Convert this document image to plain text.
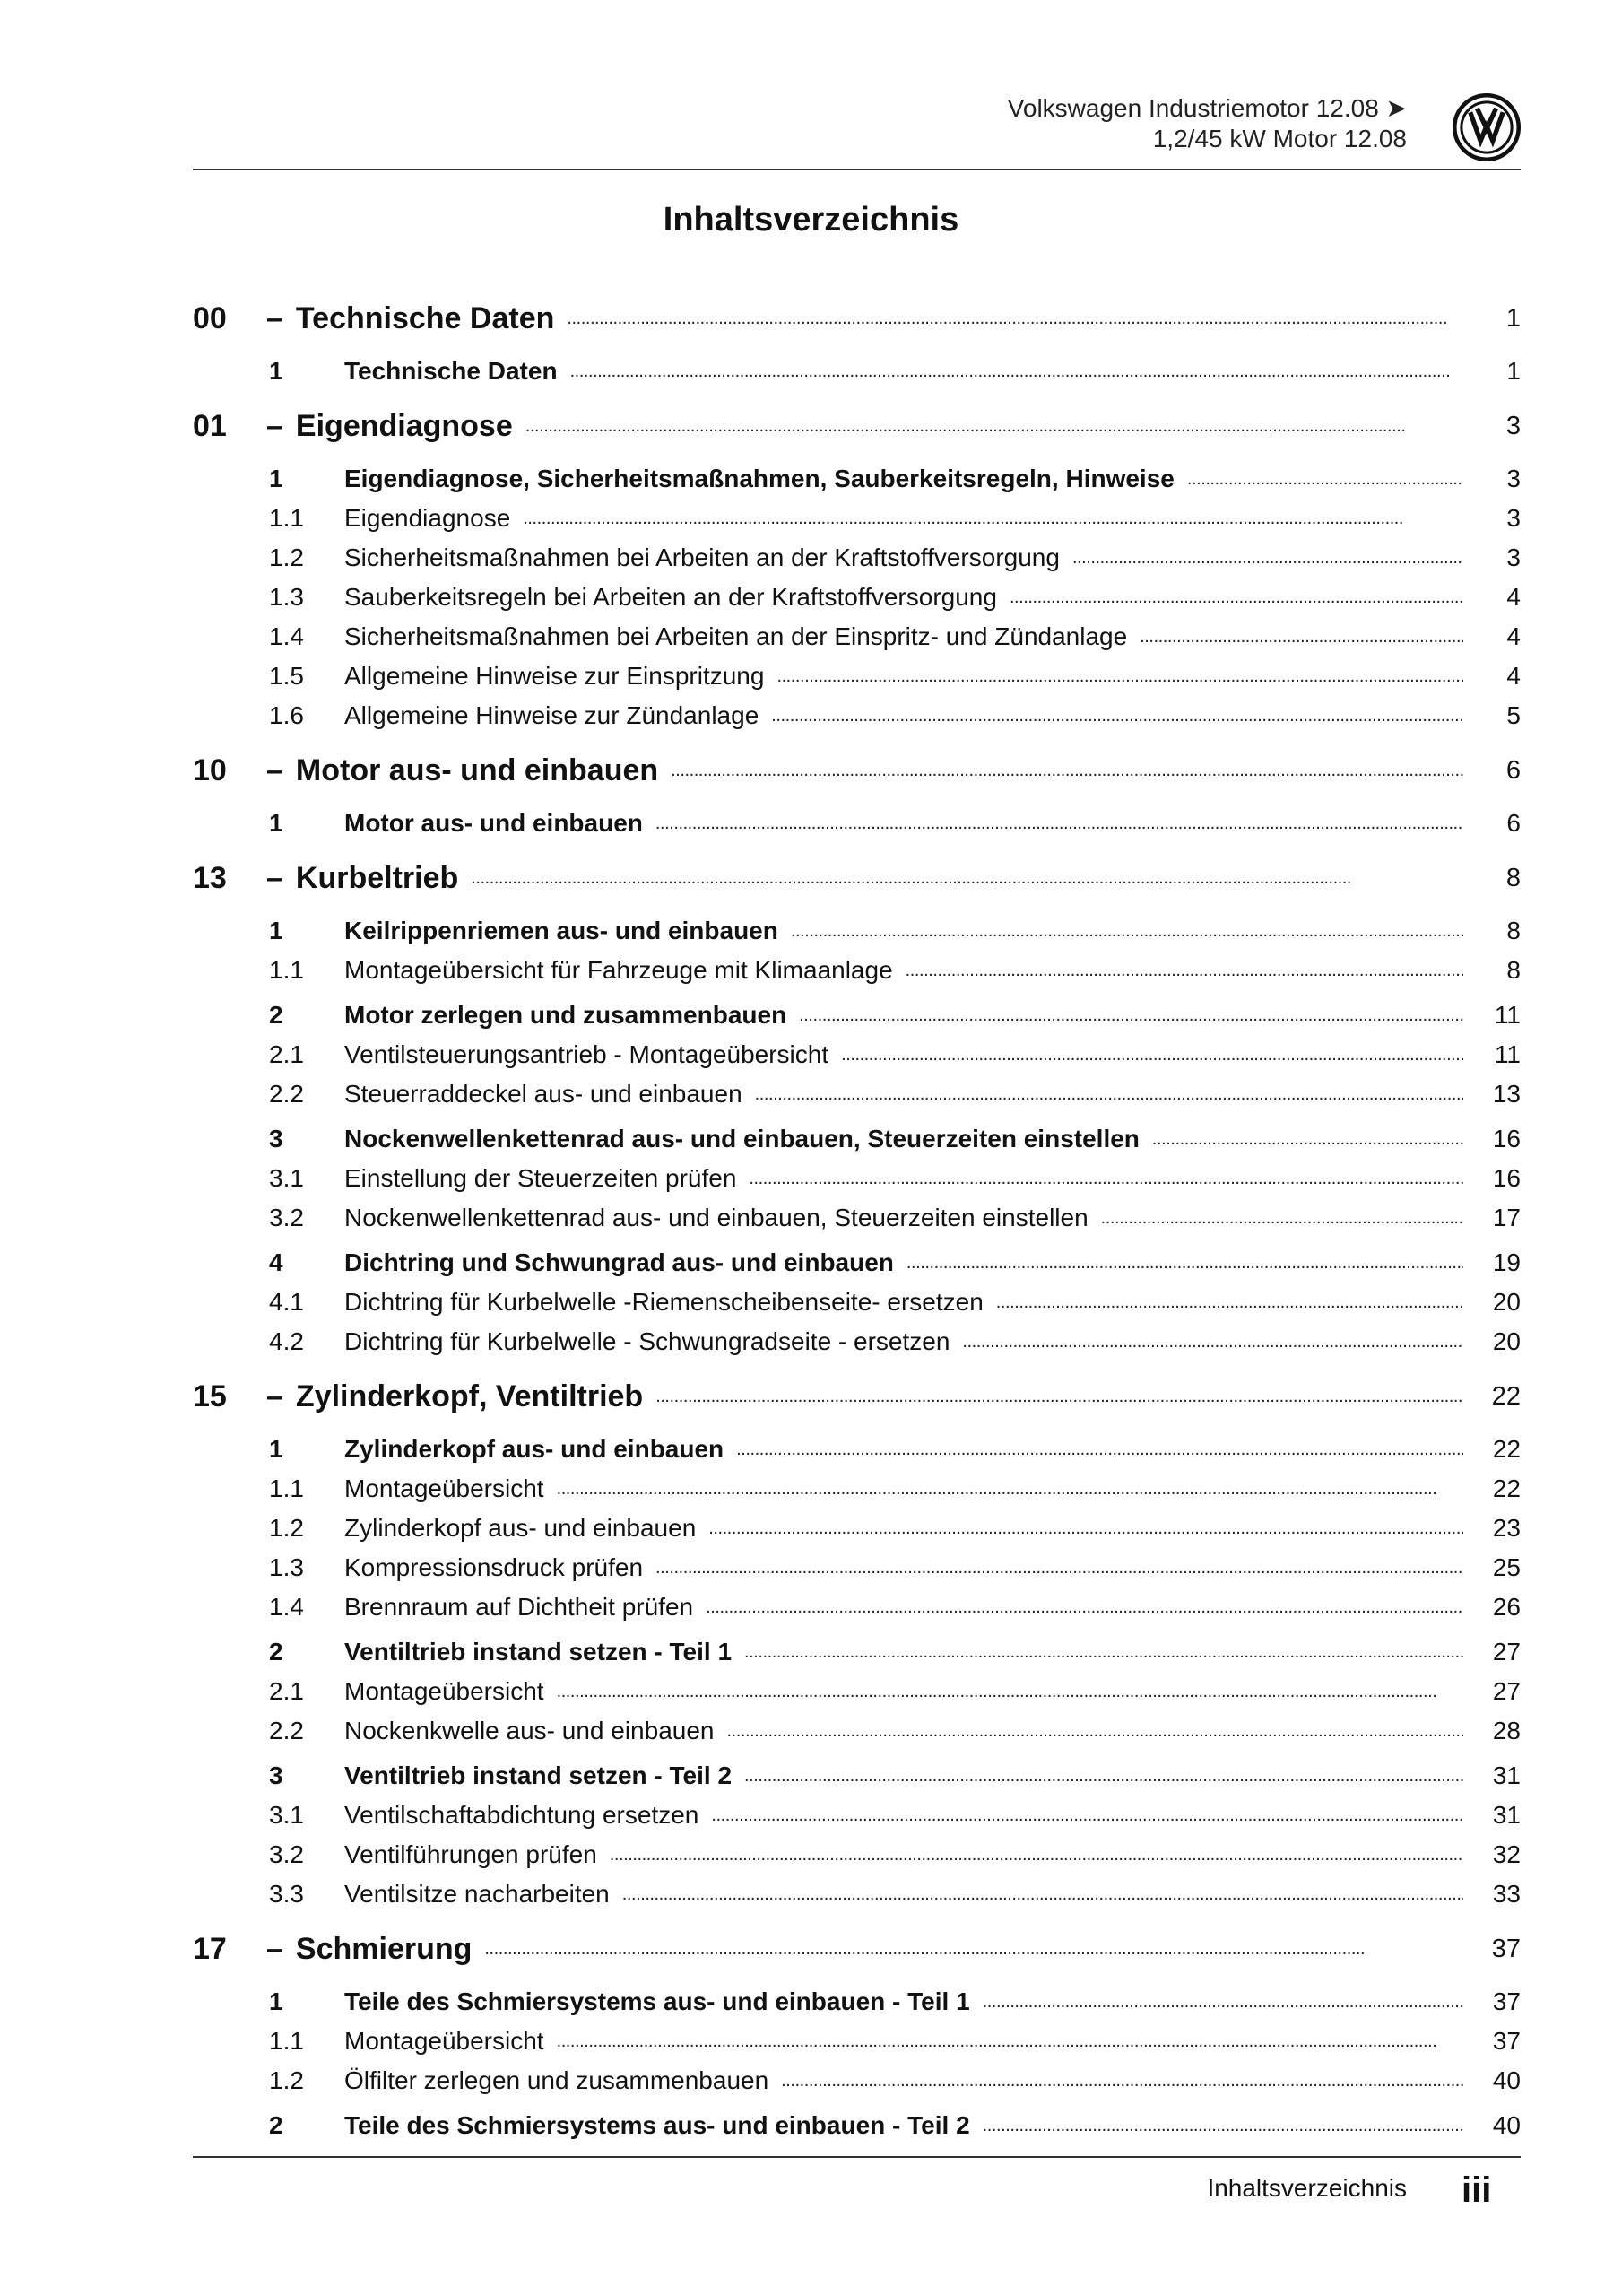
Volkswagen Industriemotor 12.08 ➤
1,2/45 kW Motor 12.08
Inhaltsverzeichnis
00	– Technische Daten . . .	1
1	Technische Daten . . .	1
01	– Eigendiagnose . . .	3
1	Eigendiagnose, Sicherheitsmaßnahmen, Sauberkeitsregeln, Hinweise . . .	3
1.1	Eigendiagnose . . .	3
1.2	Sicherheitsmaßnahmen bei Arbeiten an der Kraftstoffversorgung . . .	3
1.3	Sauberkeitsregeln bei Arbeiten an der Kraftstoffversorgung . . .	4
1.4	Sicherheitsmaßnahmen bei Arbeiten an der Einspritz- und Zündanlage . . .	4
1.5	Allgemeine Hinweise zur Einspritzung . . .	4
1.6	Allgemeine Hinweise zur Zündanlage . . .	5
10	– Motor aus- und einbauen . . .	6
1	Motor aus- und einbauen . . .	6
13	– Kurbeltrieb . . .	8
1	Keilrippenriemen aus- und einbauen . . .	8
1.1	Montageübersicht für Fahrzeuge mit Klimaanlage . . .	8
2	Motor zerlegen und zusammenbauen . . .	11
2.1	Ventilsteuerungsantrieb - Montageübersicht . . .	11
2.2	Steuerraddeckel aus- und einbauen . . .	13
3	Nockenwellenkettenrad aus- und einbauen, Steuerzeiten einstellen . . .	16
3.1	Einstellung der Steuerzeiten prüfen . . .	16
3.2	Nockenwellenkettenrad aus- und einbauen, Steuerzeiten einstellen . . .	17
4	Dichtring und Schwungrad aus- und einbauen . . .	19
4.1	Dichtring für Kurbelwelle -Riemenscheibenseite- ersetzen . . .	20
4.2	Dichtring für Kurbelwelle - Schwungradseite - ersetzen . . .	20
15	– Zylinderkopf, Ventiltrieb . . .	22
1	Zylinderkopf aus- und einbauen . . .	22
1.1	Montageübersicht . . .	22
1.2	Zylinderkopf aus- und einbauen . . .	23
1.3	Kompressionsdruck prüfen . . .	25
1.4	Brennraum auf Dichtheit prüfen . . .	26
2	Ventiltrieb instand setzen - Teil 1 . . .	27
2.1	Montageübersicht . . .	27
2.2	Nockenkwelle aus- und einbauen . . .	28
3	Ventiltrieb instand setzen - Teil 2 . . .	31
3.1	Ventilschaftabdichtung ersetzen . . .	31
3.2	Ventilführungen prüfen . . .	32
3.3	Ventilsitze nacharbeiten . . .	33
17	– Schmierung . . .	37
1	Teile des Schmiersystems aus- und einbauen - Teil 1 . . .	37
1.1	Montageübersicht . . .	37
1.2	Ölfilter zerlegen und zusammenbauen . . .	40
2	Teile des Schmiersystems aus- und einbauen - Teil 2 . . .	40
Inhaltsverzeichnis iii
